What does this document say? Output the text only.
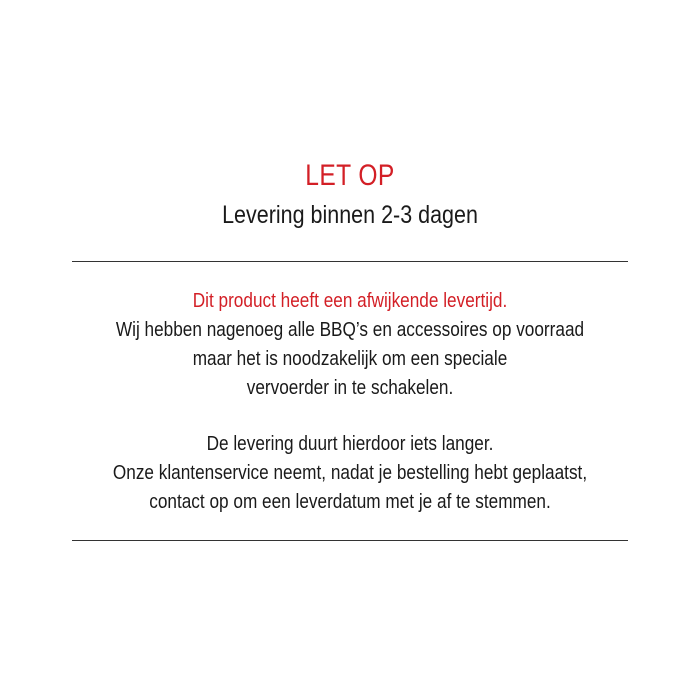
LET OP
Levering binnen 2-3 dagen
Dit product heeft een afwijkende levertijd.
Wij hebben nagenoeg alle BBQ’s en accessoires op voorraad
maar het is noodzakelijk om een speciale
vervoerder in te schakelen.
De levering duurt hierdoor iets langer.
Onze klantenservice neemt, nadat je bestelling hebt geplaatst,
contact op om een leverdatum met je af te stemmen.
